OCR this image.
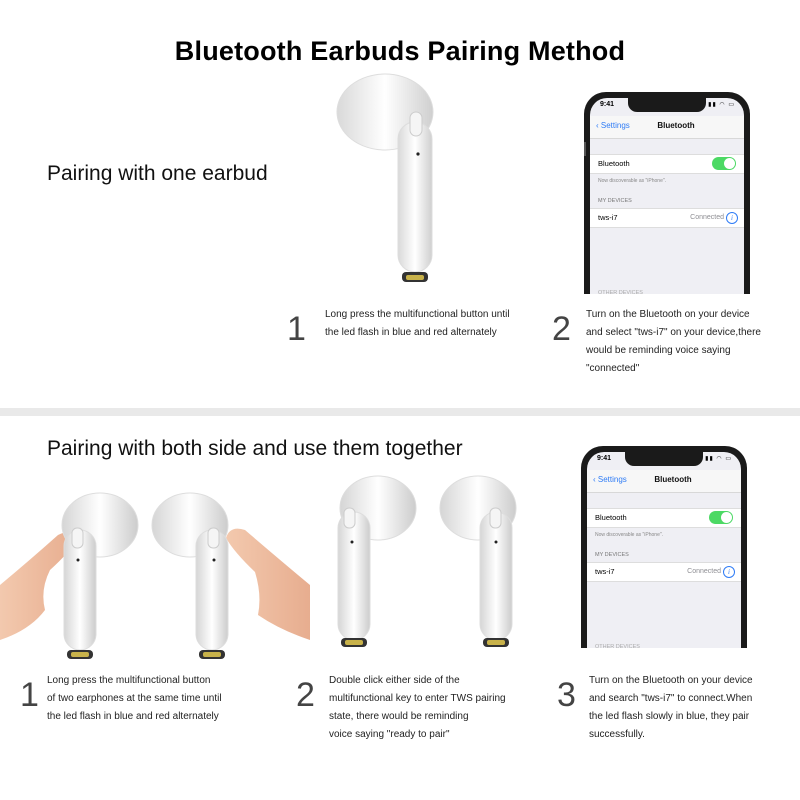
Bluetooth Earbuds Pairing Method
Pairing with one earbud
1 Long press the multifunctional button until
the led flash in blue and red alternately
9:41	▮▮ ◠ ▭
‹ Settings	Bluetooth
Bluetooth
Now discoverable as "iPhone".
MY DEVICES
tws-i7	Connected	i
OTHER DEVICES
2 Turn on the Bluetooth on your device
and select "tws-i7" on your device,there
would be reminding voice saying
"connected"
Pairing with both side and use them together	9:41	▮▮ ◠ ▭
‹ Settings	Bluetooth
Bluetooth
Now discoverable as "iPhone".
MY DEVICES
tws-i7	Connected	i
OTHER DEVICES
1 Long press the multifunctional button
of two earphones at the same time until
the led flash in blue and red alternately
2 Double click either side of the
multifunctional key to enter TWS pairing
state, there would be reminding
voice saying "ready to pair"
3 Turn on the Bluetooth on your device
and search "tws-i7" to connect.When
the led flash slowly in blue, they pair
successfully.
